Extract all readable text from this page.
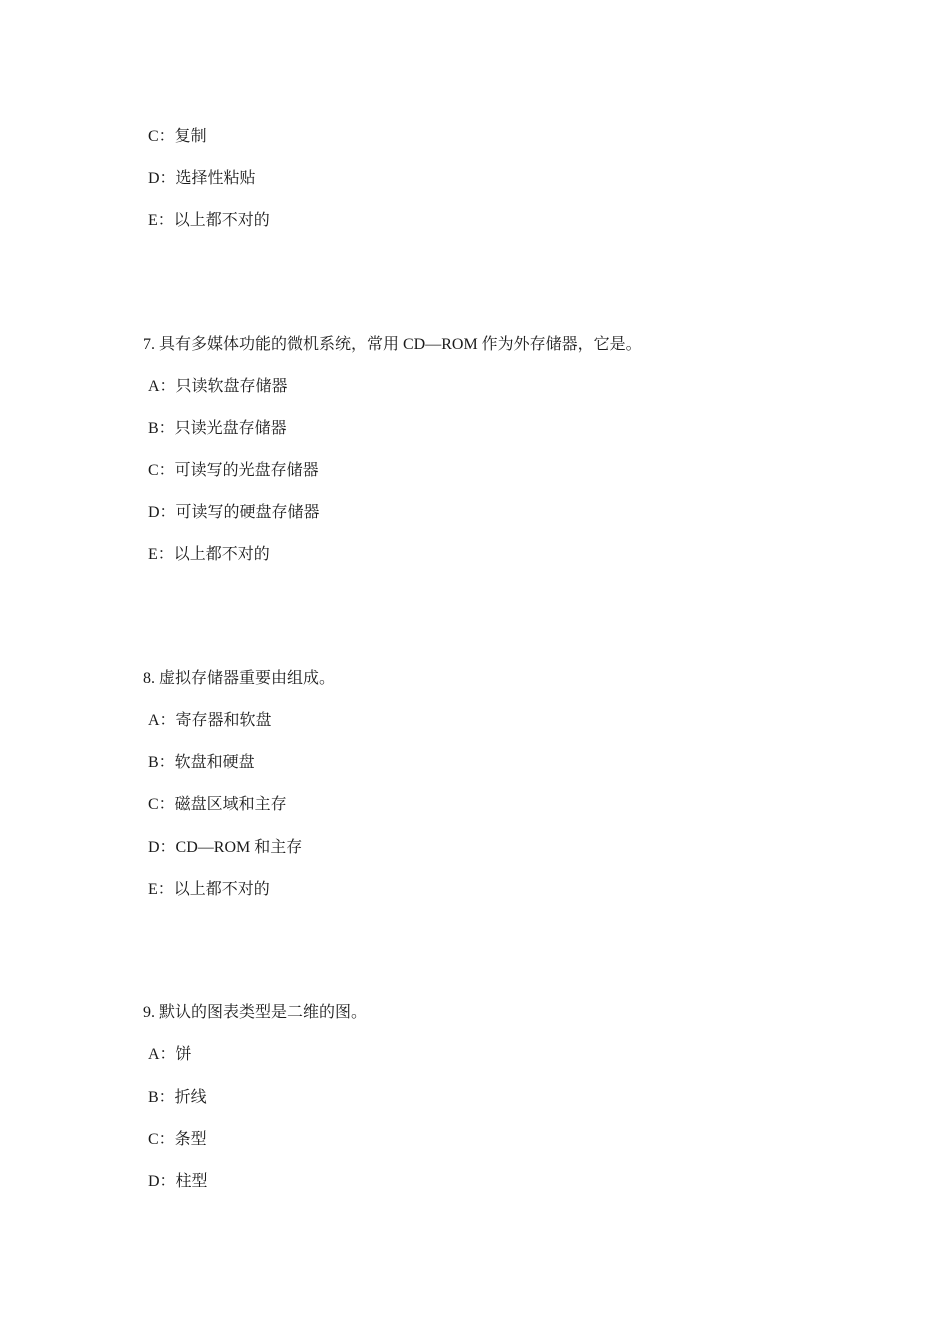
C：复制
D：选择性粘贴
E：以上都不对的
7. 具有多媒体功能的微机系统，常用 CD—ROM 作为外存储器，它是。
A：只读软盘存储器
B：只读光盘存储器
C：可读写的光盘存储器
D：可读写的硬盘存储器
E：以上都不对的
8. 虚拟存储器重要由组成。
A：寄存器和软盘
B：软盘和硬盘
C：磁盘区域和主存
D：CD—ROM 和主存
E：以上都不对的
9. 默认的图表类型是二维的图。
A：饼
B：折线
C：条型
D：柱型
